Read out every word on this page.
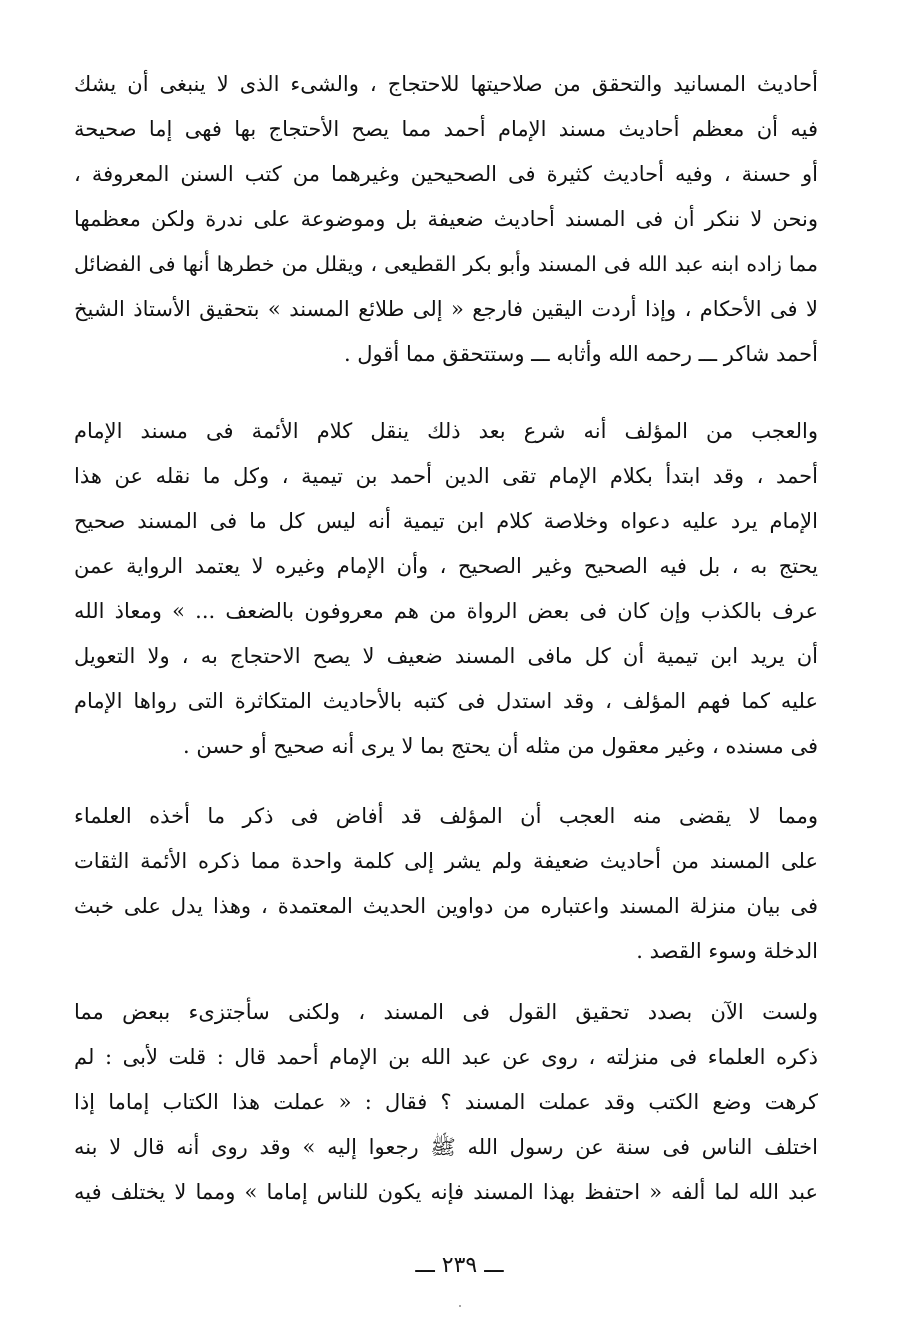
أحاديث المسانيد والتحقق من صلاحيتها للاحتجاج ، والشىء الذى لا ينبغى أن يشك
فيه أن معظم أحاديث مسند الإمام أحمد مما يصح الأحتجاج بها فهى إما صحيحة
أو حسنة ، وفيه أحاديث كثيرة فى الصحيحين وغيرهما من كتب السنن المعروفة ،
ونحن لا ننكر أن فى المسند أحاديث ضعيفة بل وموضوعة على ندرة ولكن معظمها
مما زاده ابنه عبد الله فى المسند وأبو بكر القطيعى ، ويقلل من خطرها أنها فى الفضائل
لا فى الأحكام ، وإذا أردت اليقين فارجع « إلى طلائع المسند » بتحقيق الأستاذ الشيخ
أحمد شاكر ـــ رحمه الله وأثابه ـــ وستتحقق مما أقول .
والعجب من المؤلف أنه شرع بعد ذلك ينقل كلام الأئمة فى مسند الإمام
أحمد ، وقد ابتدأ بكلام الإمام تقى الدين أحمد بن تيمية ، وكل ما نقله عن هذا
الإمام يرد عليه دعواه وخلاصة كلام ابن تيمية أنه ليس كل ما فى المسند صحيح
يحتج به ، بل فيه الصحيح وغير الصحيح ، وأن الإمام وغيره لا يعتمد الرواية عمن
عرف بالكذب وإن كان فى بعض الرواة من هم معروفون بالضعف ... » ومعاذ الله
أن يريد ابن تيمية أن كل مافى المسند ضعيف لا يصح الاحتجاج به ، ولا التعويل
عليه كما فهم المؤلف ، وقد استدل فى كتبه بالأحاديث المتكاثرة التى رواها الإمام
فى مسنده ، وغير معقول من مثله أن يحتج بما لا يرى أنه صحيح أو حسن .
ومما لا يقضى منه العجب أن المؤلف قد أفاض فى ذكر ما أخذه العلماء
على المسند من أحاديث ضعيفة ولم يشر إلى كلمة واحدة مما ذكره الأئمة الثقات
فى بيان منزلة المسند واعتباره من دواوين الحديث المعتمدة ، وهذا يدل على خبث
الدخلة وسوء القصد .
ولست الآن بصدد تحقيق القول فى المسند ، ولكنى سأجتزىء ببعض مما
ذكره العلماء فى منزلته ، روى عن عبد الله بن الإمام أحمد قال : قلت لأبى : لم
كرهت وضع الكتب وقد عملت المسند ؟ فقال : « عملت هذا الكتاب إماما إذا
اختلف الناس فى سنة عن رسول الله ﷺ رجعوا إليه » وقد روى أنه قال لا بنه
عبد الله لما ألفه « احتفظ بهذا المسند فإنه يكون للناس إماما » ومما لا يختلف فيه
ـــ ٢٣٩ ـــ
